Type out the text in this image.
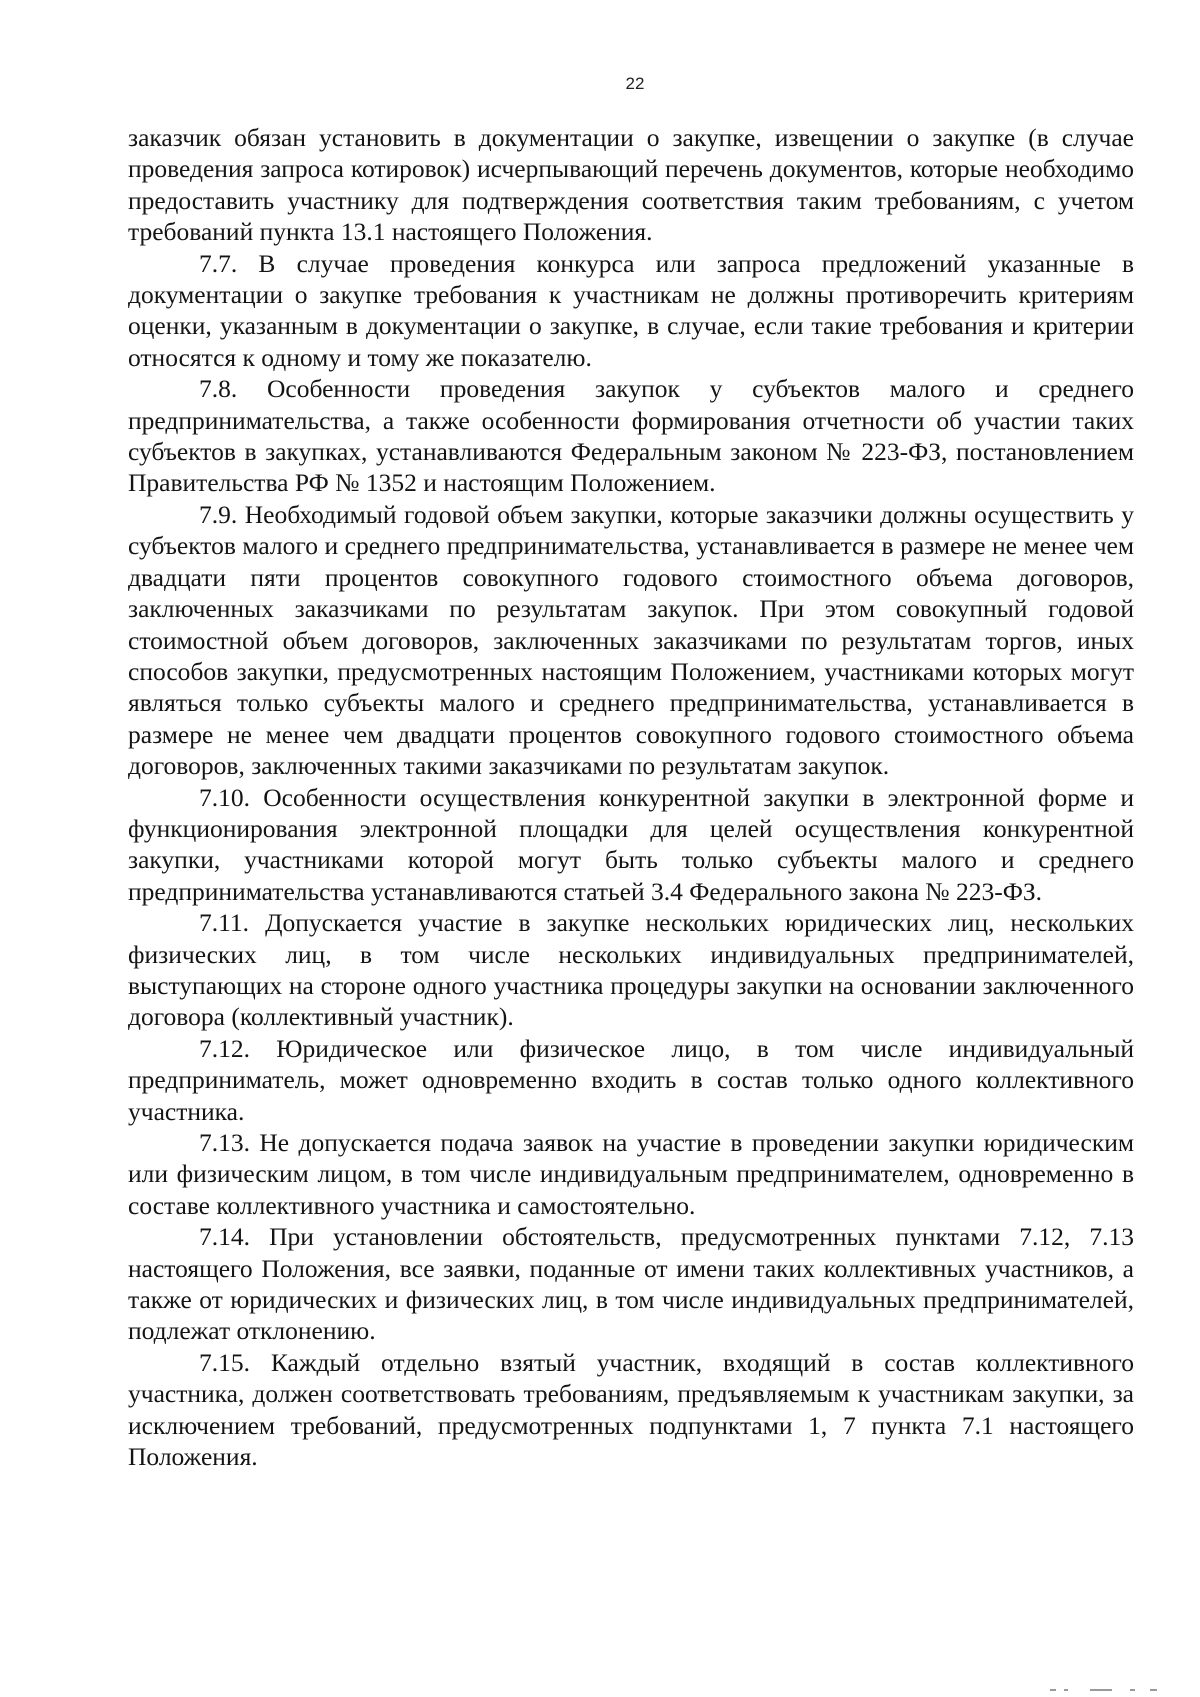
22

заказчик обязан установить в документации о закупке, извещении о закупке (в случае проведения запроса котировок) исчерпывающий перечень документов, которые необходимо предоставить участнику для подтверждения соответствия таким требованиям, с учетом требований пункта 13.1 настоящего Положения.

7.7. В случае проведения конкурса или запроса предложений указанные в документации о закупке требования к участникам не должны противоречить критериям оценки, указанным в документации о закупке, в случае, если такие требования и критерии относятся к одному и тому же показателю.

7.8. Особенности проведения закупок у субъектов малого и среднего предпринимательства, а также особенности формирования отчетности об участии таких субъектов в закупках, устанавливаются Федеральным законом № 223-ФЗ, постановлением Правительства РФ № 1352 и настоящим Положением.

7.9. Необходимый годовой объем закупки, которые заказчики должны осуществить у субъектов малого и среднего предпринимательства, устанавливается в размере не менее чем двадцати пяти процентов совокупного годового стоимостного объема договоров, заключенных заказчиками по результатам закупок. При этом совокупный годовой стоимостной объем договоров, заключенных заказчиками по результатам торгов, иных способов закупки, предусмотренных настоящим Положением, участниками которых могут являться только субъекты малого и среднего предпринимательства, устанавливается в размере не менее чем двадцати процентов совокупного годового стоимостного объема договоров, заключенных такими заказчиками по результатам закупок.

7.10. Особенности осуществления конкурентной закупки в электронной форме и функционирования электронной площадки для целей осуществления конкурентной закупки, участниками которой могут быть только субъекты малого и среднего предпринимательства устанавливаются статьей 3.4 Федерального закона № 223-ФЗ.

7.11. Допускается участие в закупке нескольких юридических лиц, нескольких физических лиц, в том числе нескольких индивидуальных предпринимателей, выступающих на стороне одного участника процедуры закупки на основании заключенного договора (коллективный участник).

7.12. Юридическое или физическое лицо, в том числе индивидуальный предприниматель, может одновременно входить в состав только одного коллективного участника.

7.13. Не допускается подача заявок на участие в проведении закупки юридическим или физическим лицом, в том числе индивидуальным предпринимателем, одновременно в составе коллективного участника и самостоятельно.

7.14. При установлении обстоятельств, предусмотренных пунктами 7.12, 7.13 настоящего Положения, все заявки, поданные от имени таких коллективных участников, а также от юридических и физических лиц, в том числе индивидуальных предпринимателей, подлежат отклонению.

7.15. Каждый отдельно взятый участник, входящий в состав коллективного участника, должен соответствовать требованиям, предъявляемым к участникам закупки, за исключением требований, предусмотренных подпунктами 1, 7 пункта 7.1 настоящего Положения.
